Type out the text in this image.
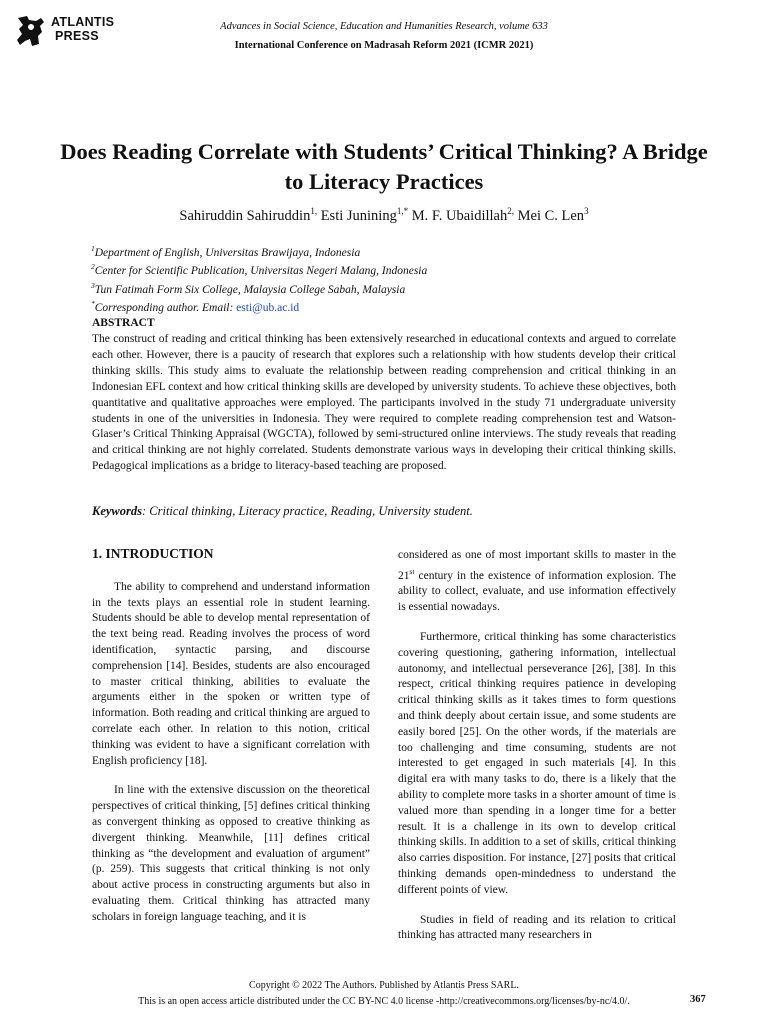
ATLANTIS
PRESS
Advances in Social Science, Education and Humanities Research, volume 633
International Conference on Madrasah Reform 2021 (ICMR 2021)
Does Reading Correlate with Students’ Critical Thinking? A Bridge to Literacy Practices
Sahiruddin Sahiruddin$^{1,}$ Esti Junining$^{1,*}$ M. F. Ubaidillah$^{2,}$ Mei C. Len$^3$
$^1$Department of English, Universitas Brawijaya, Indonesia
$^2$Center for Scientific Publication, Universitas Negeri Malang, Indonesia
$^3$Tun Fatimah Form Six College, Malaysia College Sabah, Malaysia
*Corresponding author. Email: esti@ub.ac.id
ABSTRACT
The construct of reading and critical thinking has been extensively researched in educational contexts and argued to correlate each other. However, there is a paucity of research that explores such a relationship with how students develop their critical thinking skills. This study aims to evaluate the relationship between reading comprehension and critical thinking in an Indonesian EFL context and how critical thinking skills are developed by university students. To achieve these objectives, both quantitative and qualitative approaches were employed. The participants involved in the study 71 undergraduate university students in one of the universities in Indonesia. They were required to complete reading comprehension test and Watson-Glaser’s Critical Thinking Appraisal (WGCTA), followed by semi-structured online interviews. The study reveals that reading and critical thinking are not highly correlated. Students demonstrate various ways in developing their critical thinking skills. Pedagogical implications as a bridge to literacy-based teaching are proposed.
Keywords: Critical thinking, Literacy practice, Reading, University student.
1. INTRODUCTION

The ability to comprehend and understand information in the texts plays an essential role in student learning. Students should be able to develop mental representation of the text being read. Reading involves the process of word identification, syntactic parsing, and discourse comprehension [14]. Besides, students are also encouraged to master critical thinking, abilities to evaluate the arguments either in the spoken or written type of information. Both reading and critical thinking are argued to correlate each other. In relation to this notion, critical thinking was evident to have a significant correlation with English proficiency [18].

In line with the extensive discussion on the theoretical perspectives of critical thinking, [5] defines critical thinking as convergent thinking as opposed to creative thinking as divergent thinking. Meanwhile, [11] defines critical thinking as “the development and evaluation of argument” (p. 259). This suggests that critical thinking is not only about active process in constructing arguments but also in evaluating them. Critical thinking has attracted many scholars in foreign language teaching, and it is

considered as one of most important skills to master in the 21st century in the existence of information explosion. The ability to collect, evaluate, and use information effectively is essential nowadays.

Furthermore, critical thinking has some characteristics covering questioning, gathering information, intellectual autonomy, and intellectual perseverance [26], [38]. In this respect, critical thinking requires patience in developing critical thinking skills as it takes times to form questions and think deeply about certain issue, and some students are easily bored [25]. On the other words, if the materials are too challenging and time consuming, students are not interested to get engaged in such materials [4]. In this digital era with many tasks to do, there is a likely that the ability to complete more tasks in a shorter amount of time is valued more than spending in a longer time for a better result. It is a challenge in its own to develop critical thinking skills. In addition to a set of skills, critical thinking also carries disposition. For instance, [27] posits that critical thinking demands open-mindedness to understand the different points of view.

Studies in field of reading and its relation to critical thinking has attracted many researchers in

Copyright © 2022 The Authors. Published by Atlantis Press SARL.
This is an open access article distributed under the CC BY-NC 4.0 license -http://creativecommons.org/licenses/by-nc/4.0/.	367
